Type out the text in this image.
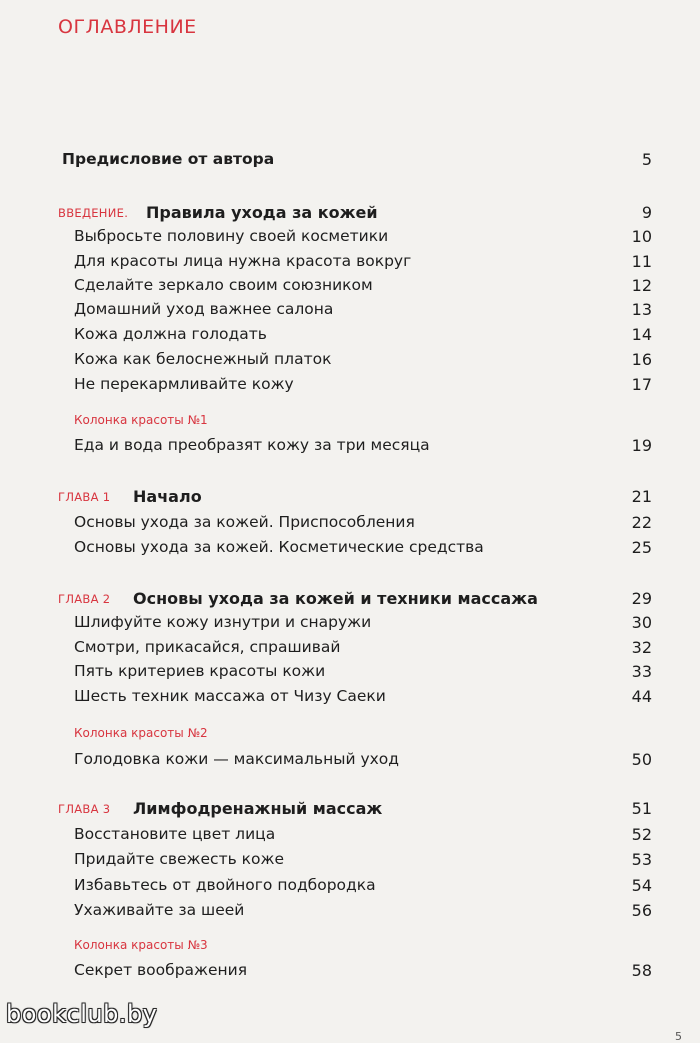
ОГЛАВЛЕНИЕ
Предисловие от автора	5
ВВЕДЕНИЕ. Правила ухода за кожей	9
Выбросьте половину своей косметики	10
Для красоты лица нужна красота вокруг	11
Сделайте зеркало своим союзником	12
Домашний уход важнее салона	13
Кожа должна голодать	14
Кожа как белоснежный платок	16
Не перекармливайте кожу	17
Колонка красоты №1
Еда и вода преобразят кожу за три месяца	19
ГЛАВА 1 Начало	21
Основы ухода за кожей. Приспособления	22
Основы ухода за кожей. Косметические средства	25
ГЛАВА 2 Основы ухода за кожей и техники массажа	29
Шлифуйте кожу изнутри и снаружи	30
Смотри, прикасайся, спрашивай	32
Пять критериев красоты кожи	33
Шесть техник массажа от Чизу Саеки	44
Колонка красоты №2
Голодовка кожи — максимальный уход	50
ГЛАВА 3 Лимфодренажный массаж	51
Восстановите цвет лица	52
Придайте свежесть коже	53
Избавьтесь от двойного подбородка	54
Ухаживайте за шеей	56
Колонка красоты №3
Секрет воображения	58
bookclub.by
5
